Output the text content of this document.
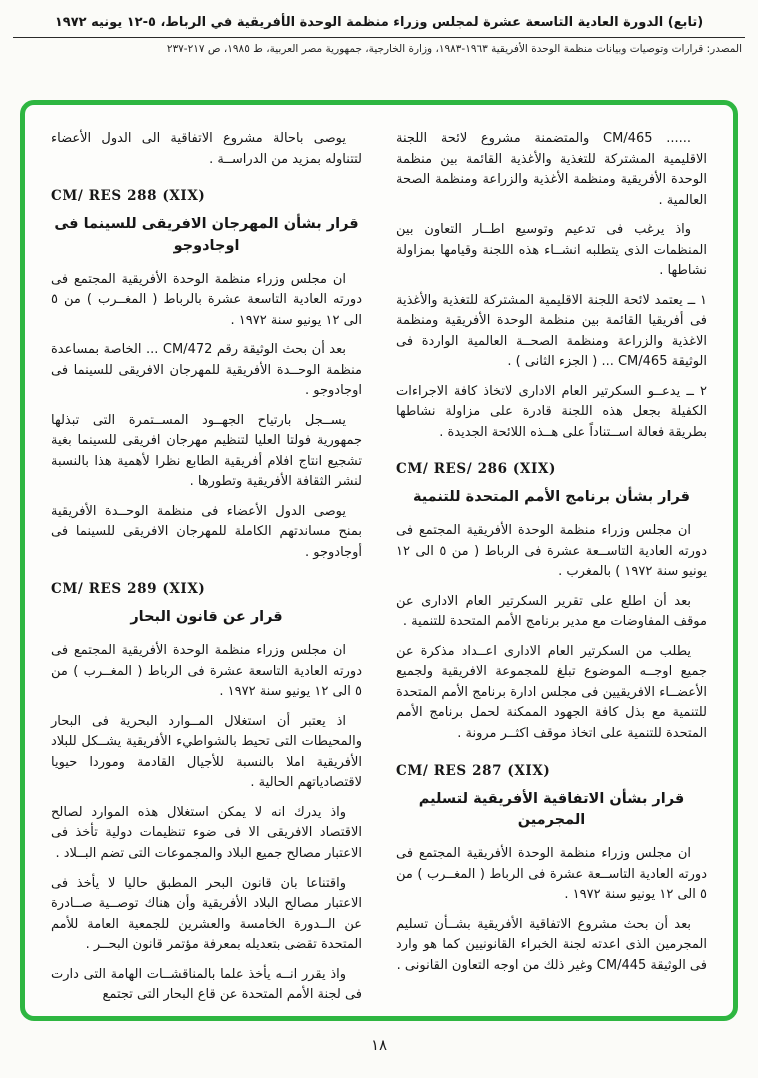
(تابع) الدورة العادية التاسعة عشرة لمجلس وزراء منظمة الوحدة الأفريقية في الرباط، ٥-١٢ يونيه ١٩٧٢
المصدر: قرارات وتوصيات وبيانات منظمة الوحدة الأفريقية ١٩٦٣-١٩٨٣، وزارة الخارجية، جمهورية مصر العربية، ط ١٩٨٥، ص ٢١٧-٢٣٧

...... CM/465 والمتضمنة مشروع لائحة اللجنة الاقليمية المشتركة للتغذية والأغذية القائمة بين منظمة الوحدة الأفريقية ومنظمة الأغذية والزراعة ومنظمة الصحة العالمية .

واذ يرغب فى تدعيم وتوسيع اطــار التعاون بين المنظمات الذى يتطلبه انشــاء هذه اللجنة وقيامها بمزاولة نشاطها .

١ ــ يعتمد لائحة اللجنة الاقليمية المشتركة للتغذية والأغذية فى أفريقيا القائمة بين منظمة الوحدة الأفريقية ومنظمة الاغذية والزراعة ومنظمة الصحــة العالمية الواردة فى الوثيقة CM/465 ... ( الجزء الثانى ) .

٢ ــ يدعــو السكرتير العام الادارى لاتخاذ كافة الاجراءات الكفيلة بجعل هذه اللجنة قادرة على مزاولة نشاطها بطريقة فعالة اســتناداً على هــذه اللائحة الجديدة .

CM/ RES/ 286 (XIX)
قرار بشأن برنامج الأمم المتحدة للتنمية

ان مجلس وزراء منظمة الوحدة الأفريقية المجتمع فى دورته العادية التاســعة عشرة فى الرباط ( من ٥ الى ١٢ يونيو سنة ١٩٧٢ ) بالمغرب .

بعد أن اطلع على تقرير السكرتير العام الادارى عن موقف المفاوضات مع مدير برنامج الأمم المتحدة للتنمية .

يطلب من السكرتير العام الادارى اعــداد مذكرة عن جميع اوجــه الموضوع تبلغ للمجموعة الافريقية ولجميع الأعضــاء الافريقيين فى مجلس ادارة برنامج الأمم المتحدة للتنمية مع بذل كافة الجهود الممكنة لحمل برنامج الأمم المتحدة للتنمية على اتخاذ موقف اكثــر مرونة .

CM/ RES 287 (XIX)
قرار بشأن الاتفاقية الأفريقية لتسليم المجرمين

ان مجلس وزراء منظمة الوحدة الأفريقية المجتمع فى دورته العادية التاســعة عشرة فى الرباط ( المغــرب ) من ٥ الى ١٢ يونيو سنة ١٩٧٢ .

بعد أن بحث مشروع الاتفاقية الأفريقية بشــأن تسليم المجرمين الذى اعدته لجنة الخبراء القانونيين كما هو وارد فى الوثيقة CM/445 وغير ذلك من اوجه التعاون القانونى .

يوصى باحالة مشروع الاتفاقية الى الدول الأعضاء لتتناوله بمزيد من الدراســة .

CM/ RES 288 (XIX)
قرار بشأن المهرجان الافريقى للسينما فى اوجادوجو

ان مجلس وزراء منظمة الوحدة الأفريقية المجتمع فى دورته العادية التاسعة عشرة بالرباط ( المغــرب ) من ٥ الى ١٢ يونيو سنة ١٩٧٢ .

بعد أن بحث الوثيقة رقم CM/472 ... الخاصة بمساعدة منظمة الوحــدة الأفريقية للمهرجان الافريقى للسينما فى اوجادوجو .

يســجل بارتياح الجهــود المســتمرة التى تبذلها جمهورية فولتا العليا لتنظيم مهرجان افريقى للسينما بغية تشجيع انتاج افلام أفريقية الطابع نظرا لأهمية هذا بالنسبة لنشر الثقافة الأفريقية وتطورها .

يوصى الدول الأعضاء فى منظمة الوحــدة الأفريقية بمنح مساندتهم الكاملة للمهرجان الافريقى للسينما فى أوجادوجو .

CM/ RES 289 (XIX)
قرار عن قانون البحار

ان مجلس وزراء منظمة الوحدة الأفريقية المجتمع فى دورته العادية التاسعة عشرة فى الرباط ( المغــرب ) من ٥ الى ١٢ يونيو سنة ١٩٧٢ .

اذ يعتبر أن استغلال المــوارد البحرية فى البحار والمحيطات التى تحيط بالشواطيء الأفريقية يشــكل للبلاد الأفريقية املا بالنسبة للأجيال القادمة وموردا حيويا لاقتصادياتهم الحالية .

واذ يدرك انه لا يمكن استغلال هذه الموارد لصالح الاقتصاد الافريقى الا فى ضوء تنظيمات دولية تأخذ فى الاعتبار مصالح جميع البلاد والمجموعات التى تضم البــلاد .

واقتناعا بان قانون البحر المطبق حاليا لا يأخذ فى الاعتبار مصالح البلاد الأفريقية وأن هناك توصــية صــادرة عن الــدورة الخامسة والعشرين للجمعية العامة للأمم المتحدة تقضى بتعديله بمعرفة مؤتمر قانون البحــر .

واذ يقرر انــه يأخذ علما بالمناقشــات الهامة التى دارت فى لجنة الأمم المتحدة عن قاع البحار التى تجتمع

١٨
